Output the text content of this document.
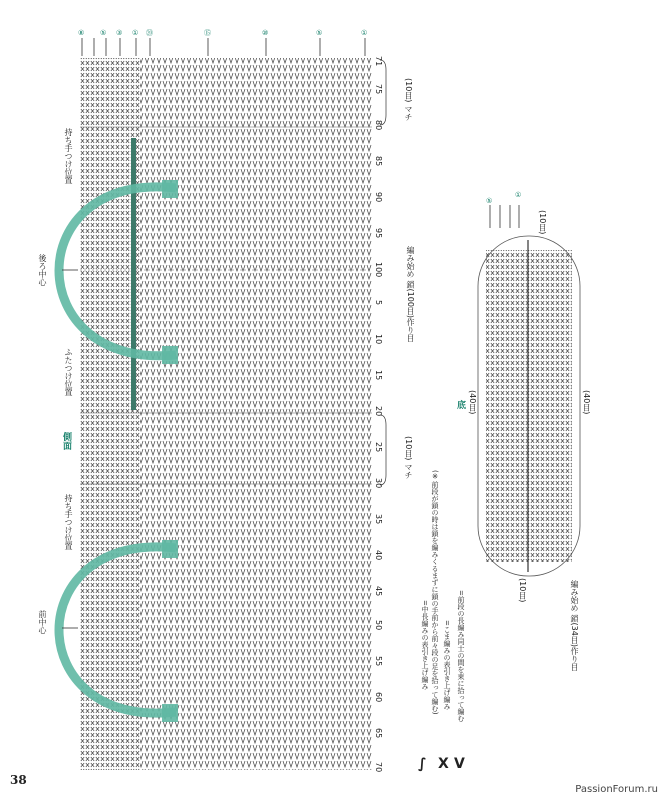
⑧ ⑤ ③ ① ⑳	⑮	⑩	⑤	①
71
75
80
85
90
95
100
5
10
15
20
25
30
35
40
45
50
55
60
65
70
持ち手つけ位置
後ろ中心
ふたつけ位置
持ち手つけ位置
前中心
編み始め 鎖(100目)作り目
(10目) マチ
(10目) マチ
側面
底
(10目)
(40目)	(40目)
(10目)	編み始め 鎖(34目)作り目
⑤
①
∫
=中長編みの表引き上げ編み (※前段が鎖の時は鎖を編みくるまずに鎖の手前から前々段の足を拾って編む)
X
=こま編みの表引き上げ編み
V
=前段の長編み同士の間を束に拾って編む
38
PassionForum.ru
